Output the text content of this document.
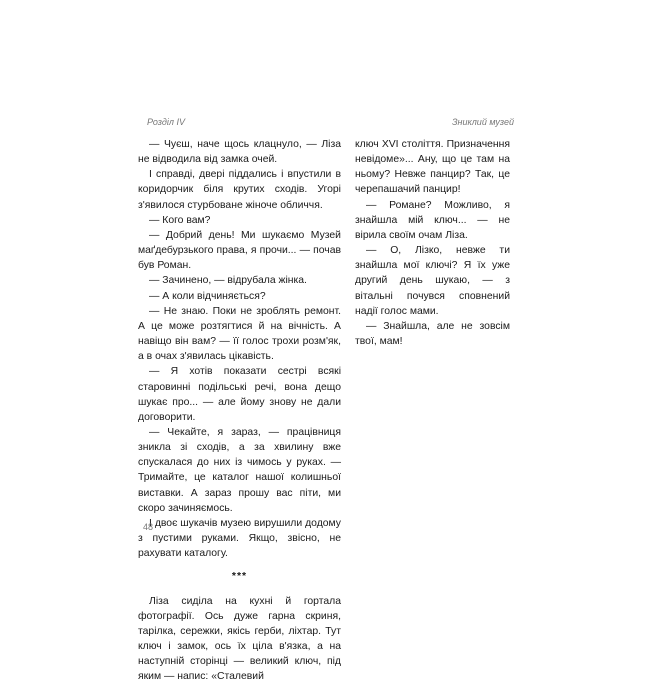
Розділ IV	Зниклий музей

— Чуєш, наче щось клацнуло, — Ліза не відводила від замка очей.

І справді, двері піддались і впустили в коридорчик біля крутих сходів. Угорі з'явилося стурбоване жіноче обличчя.

— Кого вам?

— Добрий день! Ми шукаємо Музей маґдебурзького права, я прочи... — почав був Роман.

— Зачинено, — відрубала жінка.

— А коли відчиняється?

— Не знаю. Поки не зроблять ремонт. А це може розтягтися й на вічність. А навіщо він вам? — її голос трохи розм'як, а в очах з'явилась цікавість.

— Я хотів показати сестрі всякі старовинні подільські речі, вона дещо шукає про... — але йому знову не дали договорити.

— Чекайте, я зараз, — працівниця зникла зі сходів, а за хвилину вже спускалася до них із чимось у руках. — Тримайте, це каталог нашої колишньої виставки. А зараз прошу вас піти, ми скоро зачиняємось.

І двоє шукачів музею вирушили додому з пустими руками. Якщо, звісно, не рахувати каталогу.

***

Ліза сиділа на кухні й гортала фотографії. Ось дуже гарна скриня, тарілка, сережки, якісь герби, ліхтар. Тут ключ і замок, ось їх ціла в'язка, а на наступній сторінці — великий ключ, під яким — напис: «Сталевий

ключ XVI століття. Призначення невідоме»... Ану, що це там на ньому? Невже панцир? Так, це черепашачий панцир!

— Романе? Можливо, я знайшла мій ключ... — не вірила своїм очам Ліза.

— О, Лізко, невже ти знайшла мої ключі? Я їх уже другий день шукаю, — з вітальні почувся сповнений надії голос мами.

— Знайшла, але не зовсім твої, мам!

48
